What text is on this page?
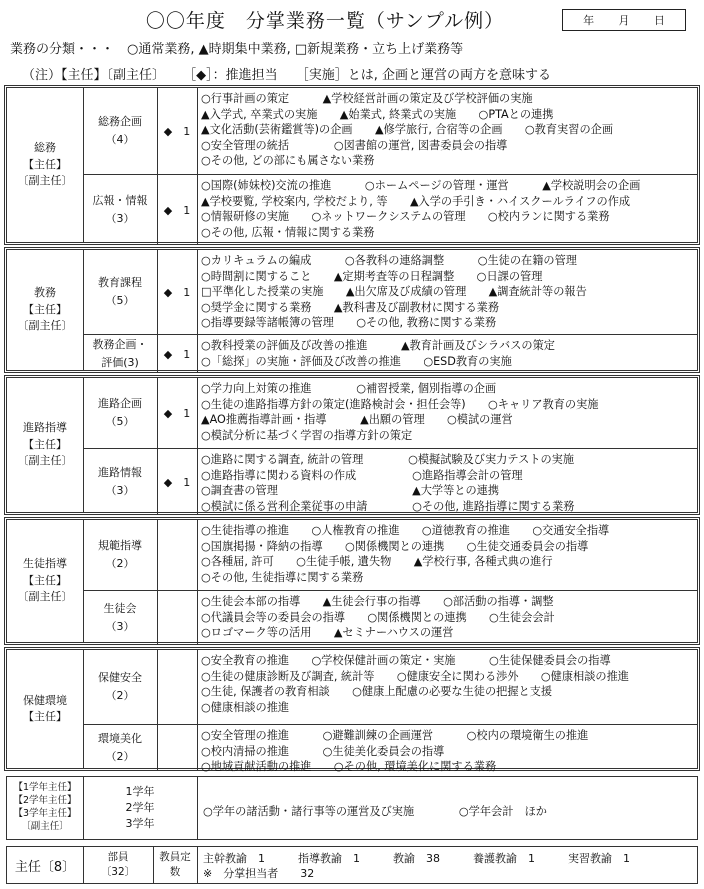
〇〇年度　分掌業務一覧（サンプル例）	年 月 日
業務の分類・・・　○通常業務, ▲時期集中業務, □新規業務・立ち上げ業務等
（注）【主任】〔副主任〕 ［◆］：推進担当 ［実施］とは, 企画と運営の両方を意味する
総務
【主任】
〔副主任〕
総務企画
（4）
◆　1
○行事計画の策定　　　▲学校経営計画の策定及び学校評価の実施
▲入学式, 卒業式の実施　　▲始業式, 終業式の実施　　○PTAとの連携
▲文化活動(芸術鑑賞等)の企画　　▲修学旅行, 合宿等の企画　　○教育実習の企画
○安全管理の統括　　　　○図書館の運営, 図書委員会の指導
○その他, どの部にも属さない業務
広報・情報
（3）
◆　1
○国際(姉妹校)交流の推進　　　○ホームページの管理・運営　　　▲学校説明会の企画
▲学校要覧, 学校案内, 学校だより, 等　　▲入学の手引き・ハイスクールライフの作成
○情報研修の実施　　○ネットワークシステムの管理　　○校内ランに関する業務
○その他, 広報・情報に関する業務
教務
【主任】
〔副主任〕
教育課程
（5）
◆　1
○カリキュラムの編成　　　○各教科の連絡調整　　　○生徒の在籍の管理
○時間割に関すること　　▲定期考査等の日程調整　　○日課の管理
□平準化した授業の実施　　▲出欠席及び成績の管理　　▲調査統計等の報告
○奨学金に関する業務　　▲教科書及び副教材に関する業務
○指導要録等諸帳簿の管理　　○その他, 教務に関する業務
教務企画・
評価(3)
◆　1
○教科授業の評価及び改善の推進　　　▲教育計画及びシラバスの策定
○「総探」の実施・評価及び改善の推進　　○ESD教育の実施
進路指導
【主任】
〔副主任〕
進路企画
（5）
◆　1
○学力向上対策の推進　　　　○補習授業, 個別指導の企画
○生徒の進路指導方針の策定(進路検討会・担任会等)　　○キャリア教育の実施
▲AO推薦指導計画・指導　　　▲出願の管理　　○模試の運営
○模試分析に基づく学習の指導方針の策定
進路情報
（3）
◆　1
○進路に関する調査, 統計の管理　　　　○模擬試験及び実力テストの実施
○進路指導に関わる資料の作成　　　　　○進路指導会計の管理
○調査書の管理　　　　　　　　　　　　▲大学等との連携
○模試に係る営利企業従事の申請　　　　○その他, 進路指導に関する業務
生徒指導
【主任】
〔副主任〕
規範指導
（2）
○生徒指導の推進　　○人権教育の推進　　○道徳教育の推進　　○交通安全指導
○国旗掲揚・降納の指導　　○関係機関との連携　　○生徒交通委員会の指導
○各種届, 許可　　○生徒手帳, 遺失物　　▲学校行事, 各種式典の進行
○その他, 生徒指導に関する業務
生徒会
（3）
○生徒会本部の指導　　▲生徒会行事の指導　　○部活動の指導・調整
○代議員会等の委員会の指導　　○関係機関との連携　　○生徒会会計
○ロゴマーク等の活用　　▲セミナーハウスの運営
保健環境
【主任】
保健安全
（2）
○安全教育の推進　　○学校保健計画の策定・実施　　　○生徒保健委員会の指導
○生徒の健康診断及び調査, 統計等　　○健康安全に関わる渉外　　○健康相談の推進
○生徒, 保護者の教育相談　　○健康上配慮の必要な生徒の把握と支援
○健康相談の推進
環境美化
（2）
○安全管理の推進　　　○避難訓練の企画運営　　　○校内の環境衛生の推進
○校内清掃の推進　　　○生徒美化委員会の指導
○地域貢献活動の推進　　○その他, 環境美化に関する業務
【1学年主任】
【2学年主任】
【3学年主任】
〔副主任〕
1学年
2学年
3学年
○学年の諸活動・諸行事等の運営及び実施　　　　○学年会計　ほか
主任〔8〕
部員
〔32〕
教員定
数
主幹教諭　1　　　指導教諭　1　　　教諭　38　　　養護教諭　1　　　実習教諭　1
※　分掌担当者　　32
